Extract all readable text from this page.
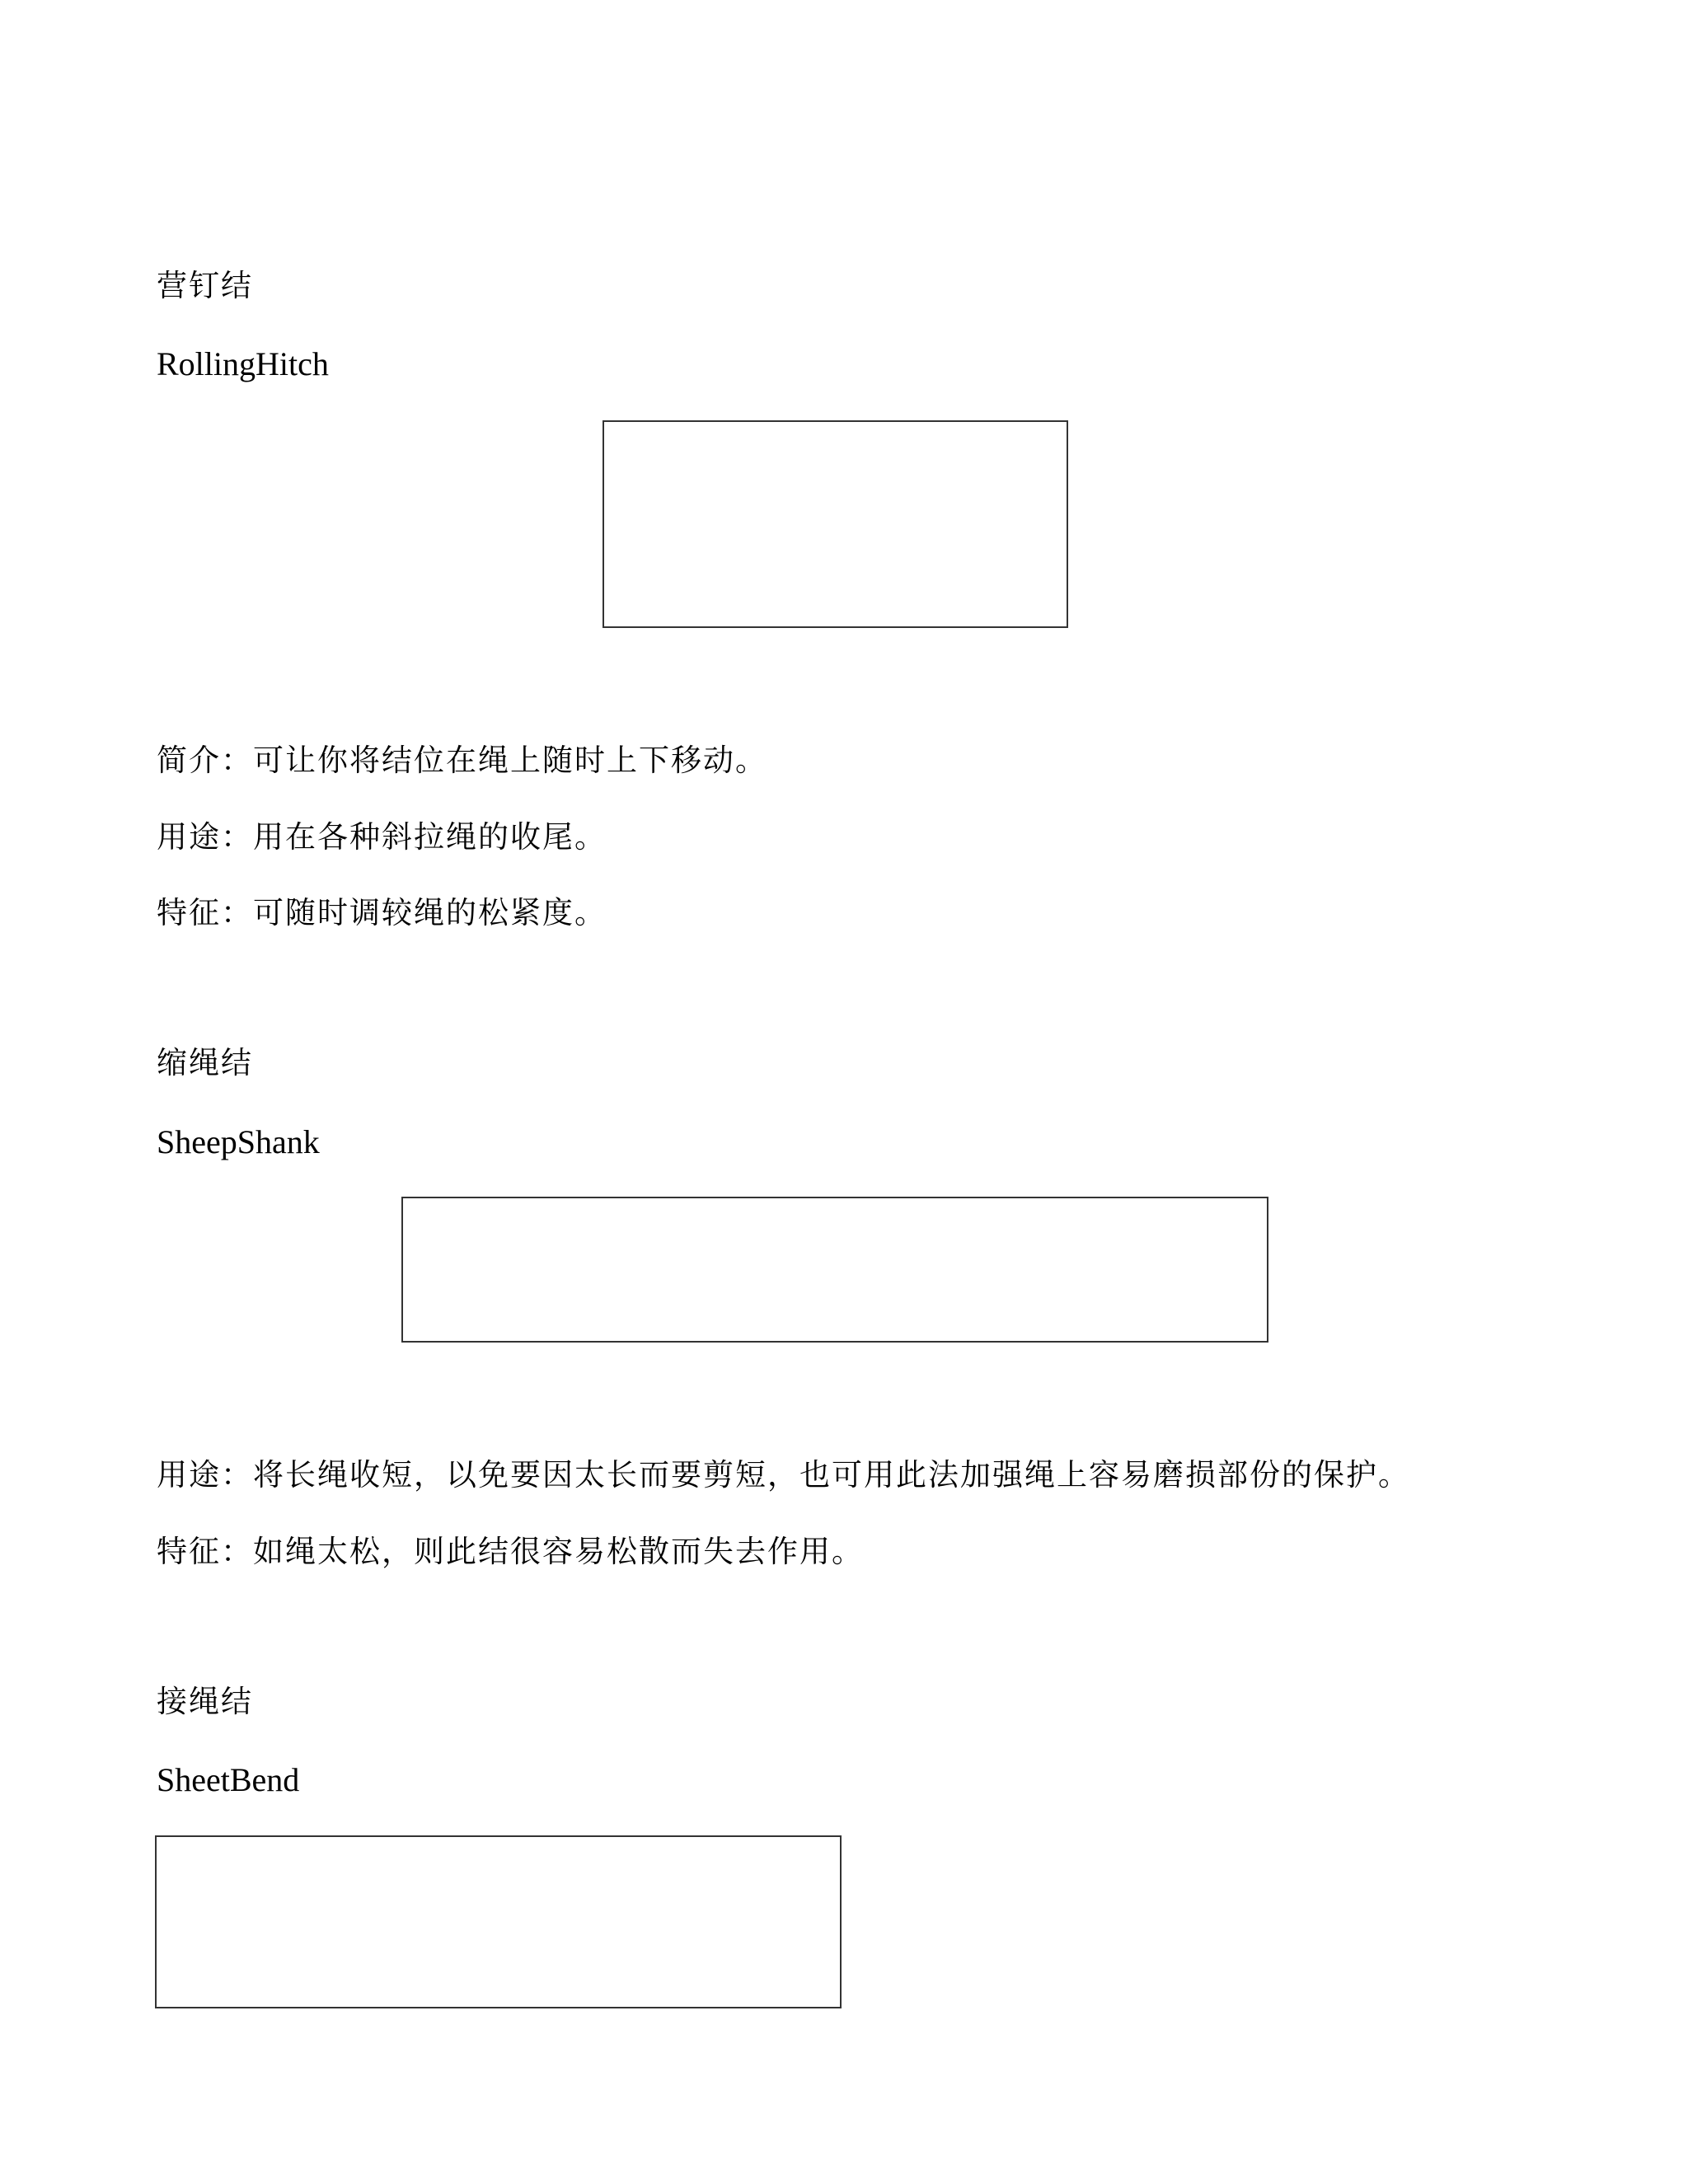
营钉结
RollingHitch
简介：可让你将结位在绳上随时上下移动。
用途：用在各种斜拉绳的收尾。
特征：可随时调较绳的松紧度。
缩绳结
SheepShank
用途：将长绳收短，以免要因太长而要剪短，也可用此法加强绳上容易磨损部份的保护。
特征：如绳太松，则此结很容易松散而失去作用。
接绳结
SheetBend
